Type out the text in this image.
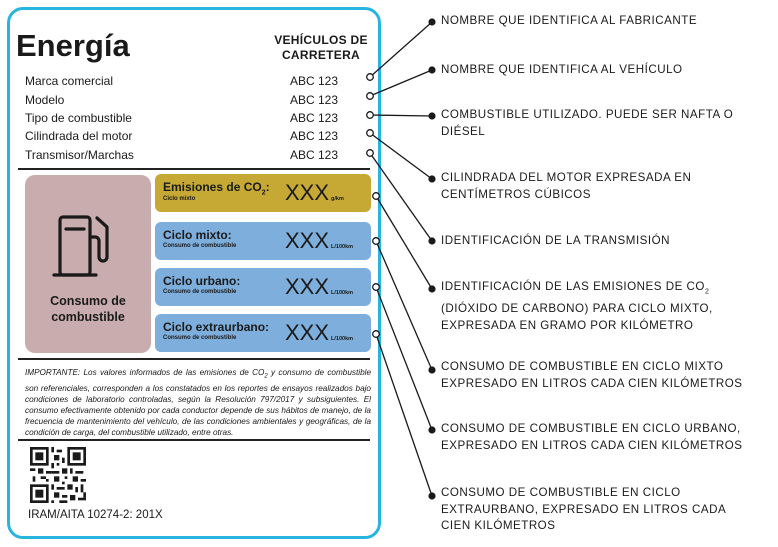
Energía	VEHÍCULOS DE
CARRETERA
Marca comercial	ABC 123
Modelo	ABC 123
Tipo de combustible	ABC 123
Cilindrada del motor	ABC 123
Transmisor/Marchas	ABC 123
Consumo de
combustible
Emisiones de $CO_2$:
Ciclo mixto	XXX g/km
Ciclo mixto:
Consumo de combustible XXX L/100km
Ciclo urbano:
Consumo de combustible XXX L/100km
Ciclo extraurbano:
Consumo de combustible XXX L/100km
IMPORTANTE: Los valores informados de las emisiones de $CO_2$ y consumo de combustible son referenciales, corresponden a los constatados en los reportes de ensayos realizados bajo condiciones de laboratorio controladas, según la Resolución 797/2017 y subsiguientes. El consumo efectivamente obtenido por cada conductor depende de sus hábitos de manejo, de la frecuencia de mantenimiento del vehículo, de las condiciones ambientales y geográficas, de la condición de carga, del combustible utilizado, entre otras.
IRAM/AITA 10274-2: 201X
NOMBRE QUE IDENTIFICA AL FABRICANTE
NOMBRE QUE IDENTIFICA AL VEHÍCULO
COMBUSTIBLE UTILIZADO. PUEDE SER NAFTA O
DIÉSEL
CILINDRADA DEL MOTOR EXPRESADA EN
CENTÍMETROS CÚBICOS
IDENTIFICACIÓN DE LA TRANSMISIÓN
IDENTIFICACIÓN DE LAS EMISIONES DE $CO_2$
(DIÓXIDO DE CARBONO) PARA CICLO MIXTO,
EXPRESADA EN GRAMO POR KILÓMETRO
CONSUMO DE COMBUSTIBLE EN CICLO MIXTO
EXPRESADO EN LITROS CADA CIEN KILÓMETROS
CONSUMO DE COMBUSTIBLE EN CICLO URBANO,
EXPRESADO EN LITROS CADA CIEN KILÓMETROS
CONSUMO DE COMBUSTIBLE EN CICLO
EXTRAURBANO, EXPRESADO EN LITROS CADA
CIEN KILÓMETROS
